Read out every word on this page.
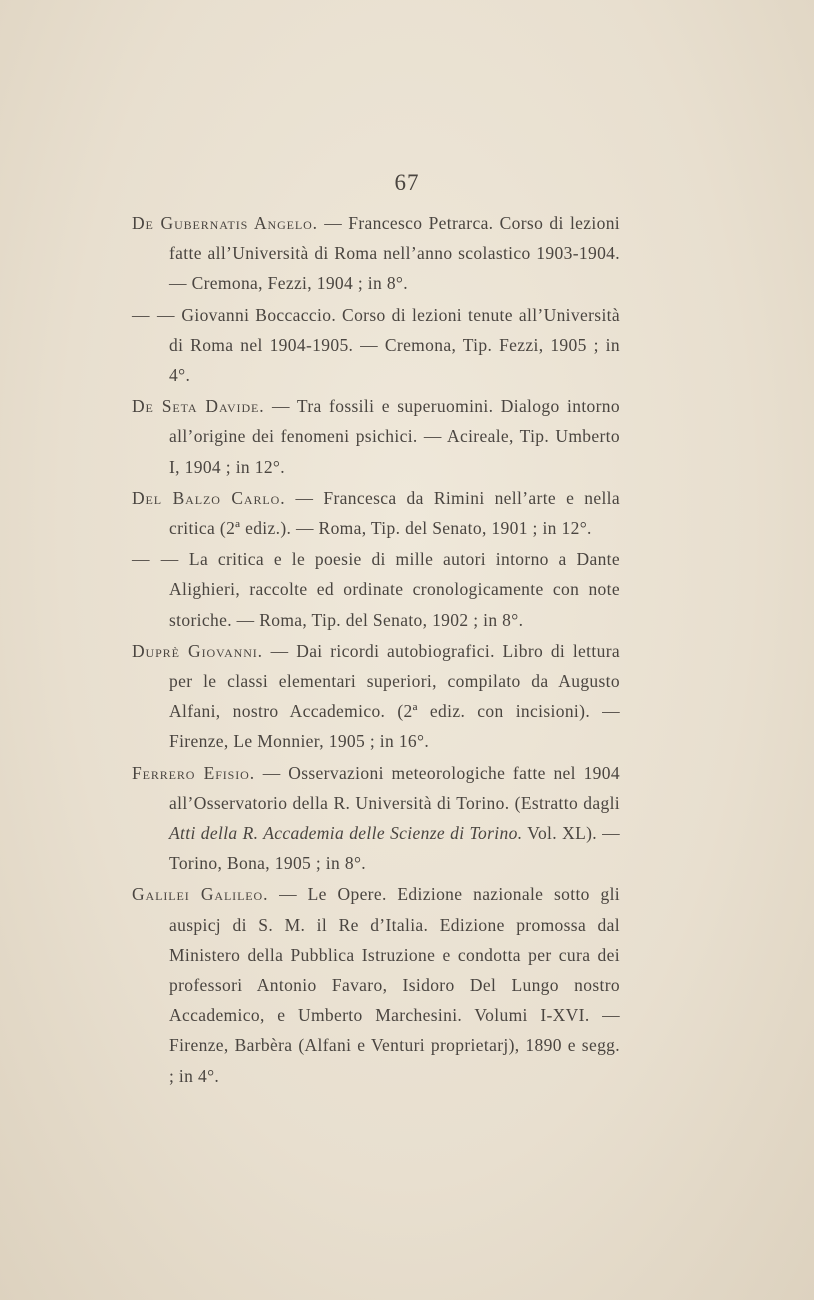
67

De Gubernatis Angelo. — Francesco Petrarca. Corso di lezioni fatte all’Università di Roma nell’anno scolastico 1903-1904. — Cremona, Fezzi, 1904 ; in 8°.

— — Giovanni Boccaccio. Corso di lezioni tenute all’Università di Roma nel 1904-1905. — Cremona, Tip. Fezzi, 1905 ; in 4°.

De Seta Davide. — Tra fossili e superuomini. Dialogo intorno all’origine dei fenomeni psichici. — Acireale, Tip. Umberto I, 1904 ; in 12°.

Del Balzo Carlo. — Francesca da Rimini nell’arte e nella critica (2ª ediz.). — Roma, Tip. del Senato, 1901 ; in 12°.

— — La critica e le poesie di mille autori intorno a Dante Alighieri, raccolte ed ordinate cronologicamente con note storiche. — Roma, Tip. del Senato, 1902 ; in 8°.

Duprè Giovanni. — Dai ricordi autobiografici. Libro di lettura per le classi elementari superiori, compilato da Augusto Alfani, nostro Accademico. (2ª ediz. con incisioni). — Firenze, Le Monnier, 1905 ; in 16°.

Ferrero Efisio. — Osservazioni meteorologiche fatte nel 1904 all’Osservatorio della R. Università di Torino. (Estratto dagli Atti della R. Accademia delle Scienze di Torino. Vol. XL). — Torino, Bona, 1905 ; in 8°.

Galilei Galileo. — Le Opere. Edizione nazionale sotto gli auspicj di S. M. il Re d’Italia. Edizione promossa dal Ministero della Pubblica Istruzione e condotta per cura dei professori Antonio Favaro, Isidoro Del Lungo nostro Accademico, e Umberto Marchesini. Volumi I-XVI. — Firenze, Barbèra (Alfani e Venturi proprietarj), 1890 e segg. ; in 4°.
